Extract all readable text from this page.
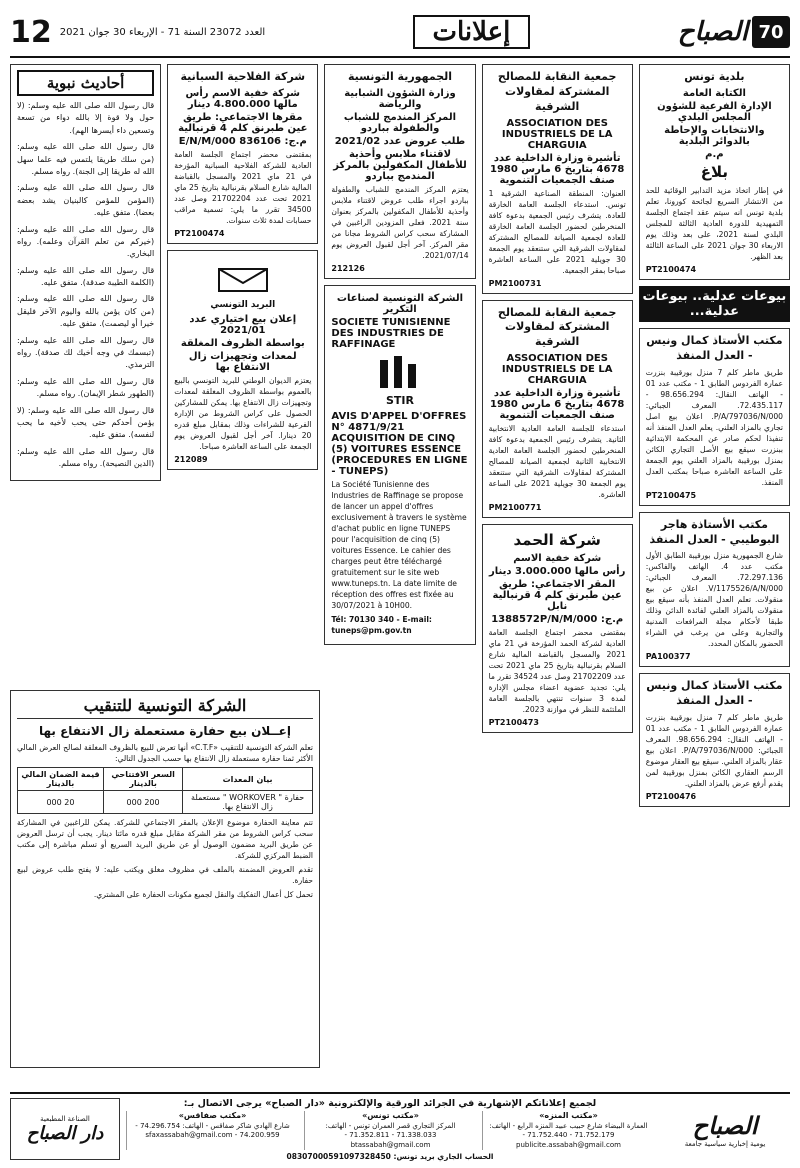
70
الصباح
إعلانات
العدد 23072 السنة 71 - الإربعاء 30 جوان 2021
12
بلدية تونس
الكتابة العامة
الإدارة الفرعية للشؤون المجلس البلدي
والانتخابات والإحاطة بالدوائر البلدية
م.م
بلاغ

في إطار اتخاذ مزيد التدابير الوقائية للحد من الانتشار السريع لجائحة كورونا، تعلم بلدية تونس انه سيتم عقد اجتماع الجلسة التمهيدية للدورة العادية الثالثة للمجلس البلدي لسنة 2021، على بعد وذلك يوم الاربعاء 30 جوان 2021 على الساعة الثالثة بعد الظهر.

PT2100474
بيوعات عدلية.. بيوعات عدلية...
مكتب الأستاذ كمال ونيس - العدل المنفذ

طريق ماطر كلم 7 منزل بورقيبة بنزرت عمارة الفردوس الطابق 1 - مكتب عدد 01 - الهاتف النقال: 98.656.294 - 72.435.117. المعرف الجبائي: P/A/797036/N/000. اعلان بيع اصل تجاري بالمزاد العلني. يعلم العدل المنفذ أنه تنفيذا لحكم صادر عن المحكمة الابتدائية ببنزرت سيقع بيع الأصل التجاري الكائن بمنزل بورقيبة بالمزاد العلني يوم الجمعة على الساعة العاشرة صباحا بمكتب العدل المنفذ.

PT2100475
مكتب الأستاذة هاجر البوطيبي - العدل المنفذ

شارع الجمهورية منزل بورقيبة الطابق الأول مكتب عدد 4. الهاتف والفاكس: 72.297.136. المعرف الجبائي: V/1175526/A/N/000. اعلان عن بيع منقولات. تعلم العدل المنفذ بأنه سيقع بيع منقولات بالمزاد العلني لفائدة الدائن وذلك طبقا لأحكام مجلة المرافعات المدنية والتجارية وعلى من يرغب في الشراء الحضور بالمكان المحدد.

PA100377
مكتب الأستاذ كمال ونيس - العدل المنفذ

طريق ماطر كلم 7 منزل بورقيبة بنزرت عمارة الفردوس الطابق 1 - مكتب عدد 01 - الهاتف النقال: 98.656.294. المعرف الجبائي: P/A/797036/N/000. اعلان بيع عقار بالمزاد العلني. سيقع بيع العقار موضوع الرسم العقاري الكائن بمنزل بورقيبة لمن يقدم أرفع عرض بالمزاد العلني.

PT2100476
جمعية النقابة للمصالح المشتركة لمقاولات الشرقية
ASSOCIATION DES INDUSTRIELS DE LA CHARGUIA
تأشيرة وزارة الداخلية عدد 4678 بتاريخ 6 مارس 1980 صنف الجمعيات التنموية

العنوان: المنطقة الصناعية الشرقية 1 تونس. استدعاء الجلسة العامة الخارقة للعادة. يتشرف رئيس الجمعية بدعوة كافة المنخرطين لحضور الجلسة العامة الخارقة للعادة لجمعية الصيانة للمصالح المشتركة لمقاولات الشرقية التي ستنعقد يوم الجمعة 30 جويلية 2021 على الساعة العاشرة صباحا بمقر الجمعية.

PM2100731
جمعية النقابة للمصالح المشتركة لمقاولات الشرقية
ASSOCIATION DES INDUSTRIELS DE LA CHARGUIA
تأشيرة وزارة الداخلية عدد 4678 بتاريخ 6 مارس 1980 صنف الجمعيات التنموية

استدعاء للجلسة العامة العادية الانتخابية الثانية. يتشرف رئيس الجمعية بدعوة كافة المنخرطين لحضور الجلسة العامة العادية الانتخابية الثانية لجمعية الصيانة للمصالح المشتركة لمقاولات الشرقية التي ستنعقد يوم الجمعة 30 جويلية 2021 على الساعة العاشرة.

PM2100771
شركة الحمد
شركة خفية الاسم
رأس مالها 3.000.000 دينار
المقر الاجتماعي: طريق عين طبرنق كلم 4 قرنبالية نابل
م.ج: 1388572P/N/M/000

بمقتضى محضر اجتماع الجلسة العامة العادية لشركة الحمد المؤرخة في 21 ماي 2021 والمسجل بالقباضة المالية شارع السلام بقرنبالية بتاريخ 25 ماي 2021 تحت عدد 21702209 وصل عدد 34524 تقرر ما يلي: تجديد عضوية اعضاء مجلس الإدارة لمدة 3 سنوات تنتهي بالجلسة العامة الملتئمة للنظر في موازنة 2023.

PT2100473
الجمهورية التونسية
وزارة الشؤون الشبابية والرياضة
المركز المندمج للشباب والطفولة بباردو
طلب عروض عدد 2021/02
لاقتناء ملابس وأحذية للأطفال المكفولين بالمركز المندمج بباردو

يعتزم المركز المندمج للشباب والطفولة بباردو اجراء طلب عروض لاقتناء ملابس وأحذية للأطفال المكفولين بالمركز بعنوان سنة 2021. فعلى المزودين الراغبين في المشاركة سحب كراس الشروط مجانا من مقر المركز. آخر أجل لقبول العروض يوم 2021/07/14.

212126
الشركة التونسية لصناعات التكرير
SOCIETE TUNISIENNE DES INDUSTRIES DE RAFFINAGE
STIR
AVIS D'APPEL D'OFFRES N° 4871/9/21 ACQUISITION DE CINQ (5) VOITURES ESSENCE (PROCEDURES EN LIGNE - TUNEPS)

La Société Tunisienne des Industries de Raffinage se propose de lancer un appel d'offres exclusivement à travers le système d'achat public en ligne TUNEPS pour l'acquisition de cinq (5) voitures Essence. Le cahier des charges peut être téléchargé gratuitement sur le site web www.tuneps.tn. La date limite de réception des offres est fixée au 30/07/2021 à 10H00.

Tél: 70130 340 - E-mail: tuneps@pm.gov.tn

شركة الفلاحية السبانية
شركة خفية الاسم رأس مالها 4.800.000 دينار
مقرها الاجتماعي: طريق عين طبرنق كلم 4 قرنبالية
م.ج: 836106 E/N/M/000

بمقتضى محضر اجتماع الجلسة العامة العادية للشركة الفلاحية السبانية المؤرخة في 21 ماي 2021 والمسجل بالقباضة المالية شارع السلام بقرنبالية بتاريخ 25 ماي 2021 تحت عدد 21702204 وصل عدد 34500 تقرر ما يلي: تسمية مراقب حسابات لمدة ثلاث سنوات.

PT2100474
البريد التونسي
إعلان بيع اختياري عدد 2021/01
بواسطة الظروف المغلقة
لمعدات وتجهيزات زال الانتفاع بها

يعتزم الديوان الوطني للبريد التونسي بالبيع بالعموم بواسطة الظروف المغلقة لمعدات وتجهيزات زال الانتفاع بها. يمكن للمشاركين الحصول على كراس الشروط من الإدارة الفرعية للشراءات وذلك بمقابل مبلغ قدره 20 دينارا. آخر أجل لقبول العروض يوم الجمعة على الساعة العاشرة صباحا.

212089
أحاديث نبوية

قال رسول الله صلى الله عليه وسلم: (لا حول ولا قوة إلا بالله دواء من تسعة وتسعين داء أيسرها الهم).

قال رسول الله صلى الله عليه وسلم: (من سلك طريقا يلتمس فيه علما سهل الله له طريقا إلى الجنة). رواه مسلم.

قال رسول الله صلى الله عليه وسلم: (المؤمن للمؤمن كالبنيان يشد بعضه بعضا). متفق عليه.

قال رسول الله صلى الله عليه وسلم: (خيركم من تعلم القرآن وعلمه). رواه البخاري.

قال رسول الله صلى الله عليه وسلم: (الكلمة الطيبة صدقة). متفق عليه.

قال رسول الله صلى الله عليه وسلم: (من كان يؤمن بالله واليوم الآخر فليقل خيرا أو ليصمت). متفق عليه.

قال رسول الله صلى الله عليه وسلم: (تبسمك في وجه أخيك لك صدقة). رواه الترمذي.

قال رسول الله صلى الله عليه وسلم: (الطهور شطر الإيمان). رواه مسلم.

قال رسول الله صلى الله عليه وسلم: (لا يؤمن أحدكم حتى يحب لأخيه ما يحب لنفسه). متفق عليه.

قال رسول الله صلى الله عليه وسلم: (الدين النصيحة). رواه مسلم.

الشركة التونسية للتنقيب
إعــلان بيع حفارة مستعملة زال الانتفاع بها

تعلم الشركة التونسية للتنقيب «C.T.F» أنها تعرض للبيع بالظروف المغلقة لصالح العرض المالي الأكثر ثمنا حفارة مستعملة زال الانتفاع بها حسب الجدول التالي:

بيان المعدات	السعر الافتتاحي بالدينار	قيمة الضمان المالي بالدينار
حفارة " WORKOVER " مستعملة زال الانتفاع بها.	200 000	20 000

تتم معاينة الحفارة موضوع الإعلان بالمقر الاجتماعي للشركة. يمكن للراغبين في المشاركة سحب كراس الشروط من مقر الشركة مقابل مبلغ قدره مائتا دينار. يجب أن ترسل العروض عن طريق البريد مضمون الوصول أو عن طريق البريد السريع أو تسلم مباشرة إلى مكتب الضبط المركزي للشركة.

تقدم العروض المضمنة بالملف في مظروف مغلق ويكتب عليه: لا يفتح طلب عروض لبيع حفارة.

تحمل كل أعمال التفكيك والنقل لجميع مكونات الحفارة على المشتري.

الصباح
يومية إخبارية سياسية جامعة
لجميع إعلاناتكم الإشهارية في الجرائد الورقية والإلكترونية «دار الصباح» يرجى الاتصال بـ:
«مكتب المنزه»
العمارة البيضاء شارع حبيب عبيد المنزه الرابع - الهاتف: 71.752.179 - 71.752.440 - publicite.assabah@gmail.com
«مكتب تونس»
المركز التجاري قصر العمران تونس - الهاتف: 71.338.033 - 71.352.811 - btassabah@gmail.com
«مكتب صفاقس»
شارع الهادي شاكر صفاقس - الهاتف: 74.296.754 - 74.200.959 - sfaxassabah@gmail.com
الحساب الجاري بريد تونس: 08307000591097328450
الصناعة المطبعية
دار الصباح
